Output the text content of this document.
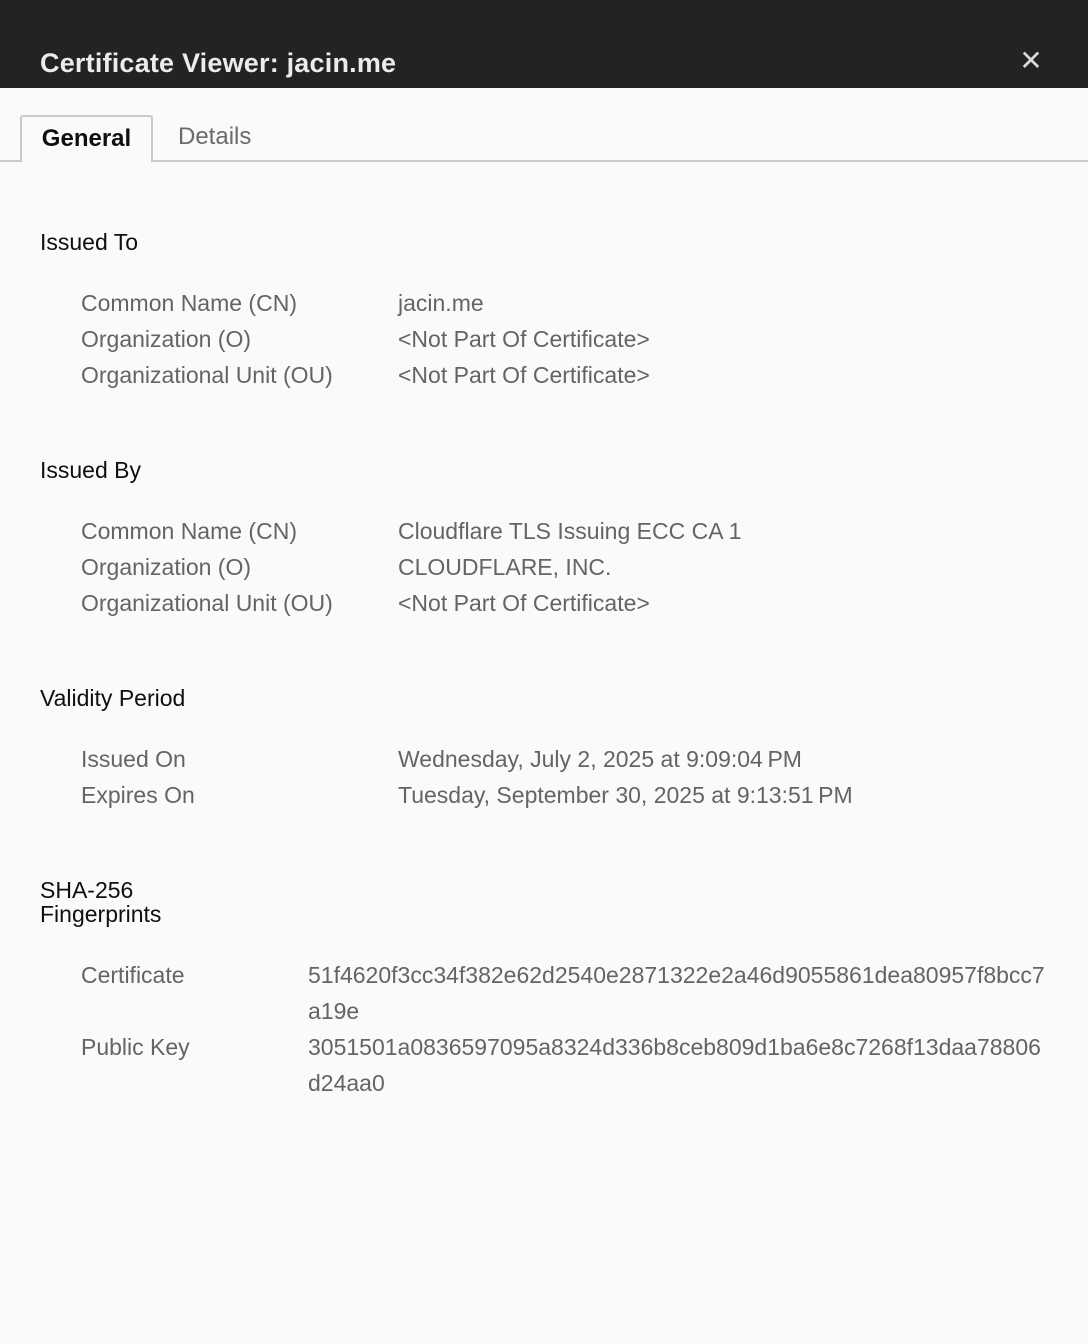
Certificate Viewer: jacin.me	✕
General	Details
Issued To
Common Name (CN)	jacin.me
Organization (O)	<Not Part Of Certificate>
Organizational Unit (OU)	<Not Part Of Certificate>
Issued By
Common Name (CN)	Cloudflare TLS Issuing ECC CA 1
Organization (O)	CLOUDFLARE, INC.
Organizational Unit (OU)	<Not Part Of Certificate>
Validity Period
Issued On	Wednesday, July 2, 2025 at 9:09:04 PM
Expires On	Tuesday, September 30, 2025 at 9:13:51 PM
SHA-256 Fingerprints
Certificate	51f4620f3cc34f382e62d2540e2871322e2a46d9055861dea80957f8bcc7a19e
Public Key	3051501a0836597095a8324d336b8ceb809d1ba6e8c7268f13daa78806d24aa0
